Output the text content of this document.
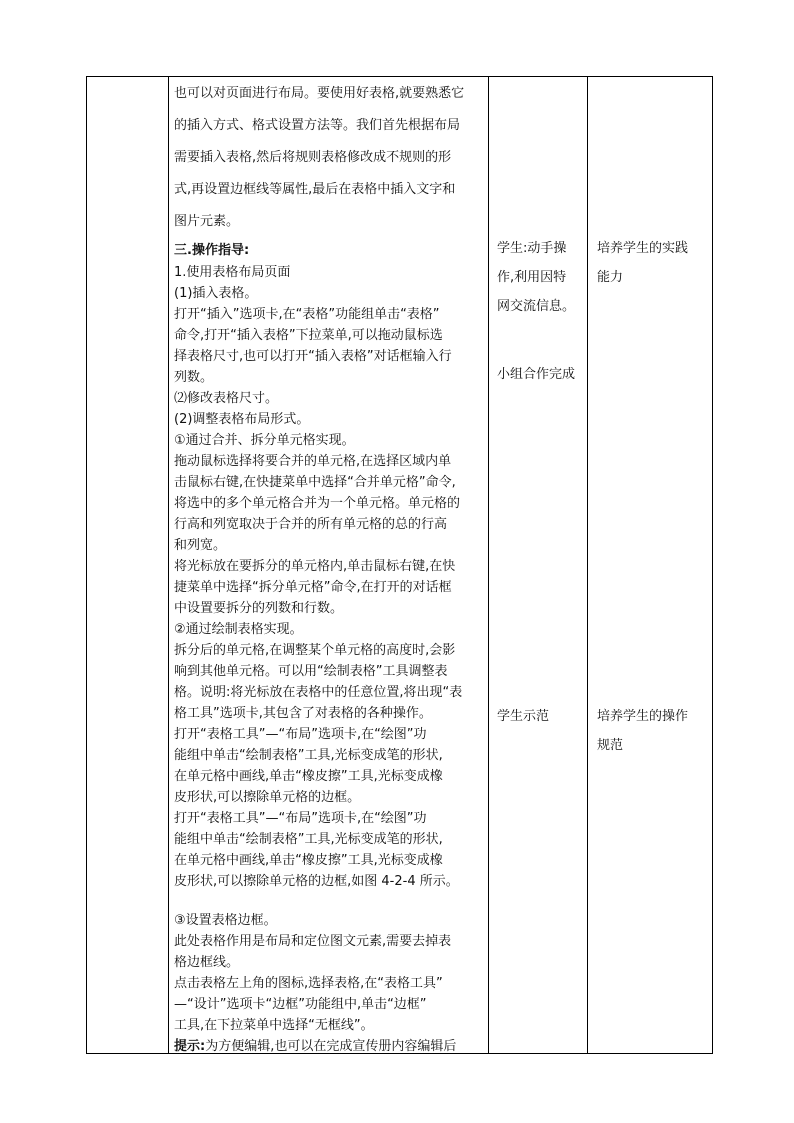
也可以对页面进行布局。要使用好表格,就要熟悉它
的插入方式、格式设置方法等。我们首先根据布局
需要插入表格,然后将规则表格修改成不规则的形
式,再设置边框线等属性,最后在表格中插入文字和
图片元素。
三.操作指导:
1.使用表格布局页面
(1)插入表格。
打开“插入”选项卡,在“表格”功能组单击“表格”
命令,打开“插入表格”下拉菜单,可以拖动鼠标选
择表格尺寸,也可以打开“插入表格”对话框输入行
列数。
⑵修改表格尺寸。
(2)调整表格布局形式。
①通过合并、拆分单元格实现。
拖动鼠标选择将要合并的单元格,在选择区域内单
击鼠标右键,在快捷菜单中选择“合并单元格”命令,
将选中的多个单元格合并为一个单元格。单元格的
行高和列宽取决于合并的所有单元格的总的行高
和列宽。
将光标放在要拆分的单元格内,单击鼠标右键,在快
捷菜单中选择“拆分单元格”命令,在打开的对话框
中设置要拆分的列数和行数。
②通过绘制表格实现。
拆分后的单元格,在调整某个单元格的高度时,会影
响到其他单元格。可以用“绘制表格”工具调整表
格。说明:将光标放在表格中的任意位置,将出现“表
格工具”选项卡,其包含了对表格的各种操作。
打开“表格工具”—“布局”选项卡,在“绘图”功
能组中单击“绘制表格”工具,光标变成笔的形状,
在单元格中画线,单击“橡皮擦”工具,光标变成橡
皮形状,可以擦除单元格的边框。
打开“表格工具”—“布局”选项卡,在“绘图”功
能组中单击“绘制表格”工具,光标变成笔的形状,
在单元格中画线,单击“橡皮擦”工具,光标变成橡
皮形状,可以擦除单元格的边框,如图 4-2-4 所示。
③设置表格边框。
此处表格作用是布局和定位图文元素,需要去掉表
格边框线。
点击表格左上角的图标,选择表格,在“表格工具”
—“设计”选项卡“边框”功能组中,单击“边框”
工具,在下拉菜单中选择“无框线”。
提示:为方便编辑,也可以在完成宣传册内容编辑后
学生:动手操
作,利用因特
网交流信息。
小组合作完成
学生示范
培养学生的实践
能力
培养学生的操作
规范
